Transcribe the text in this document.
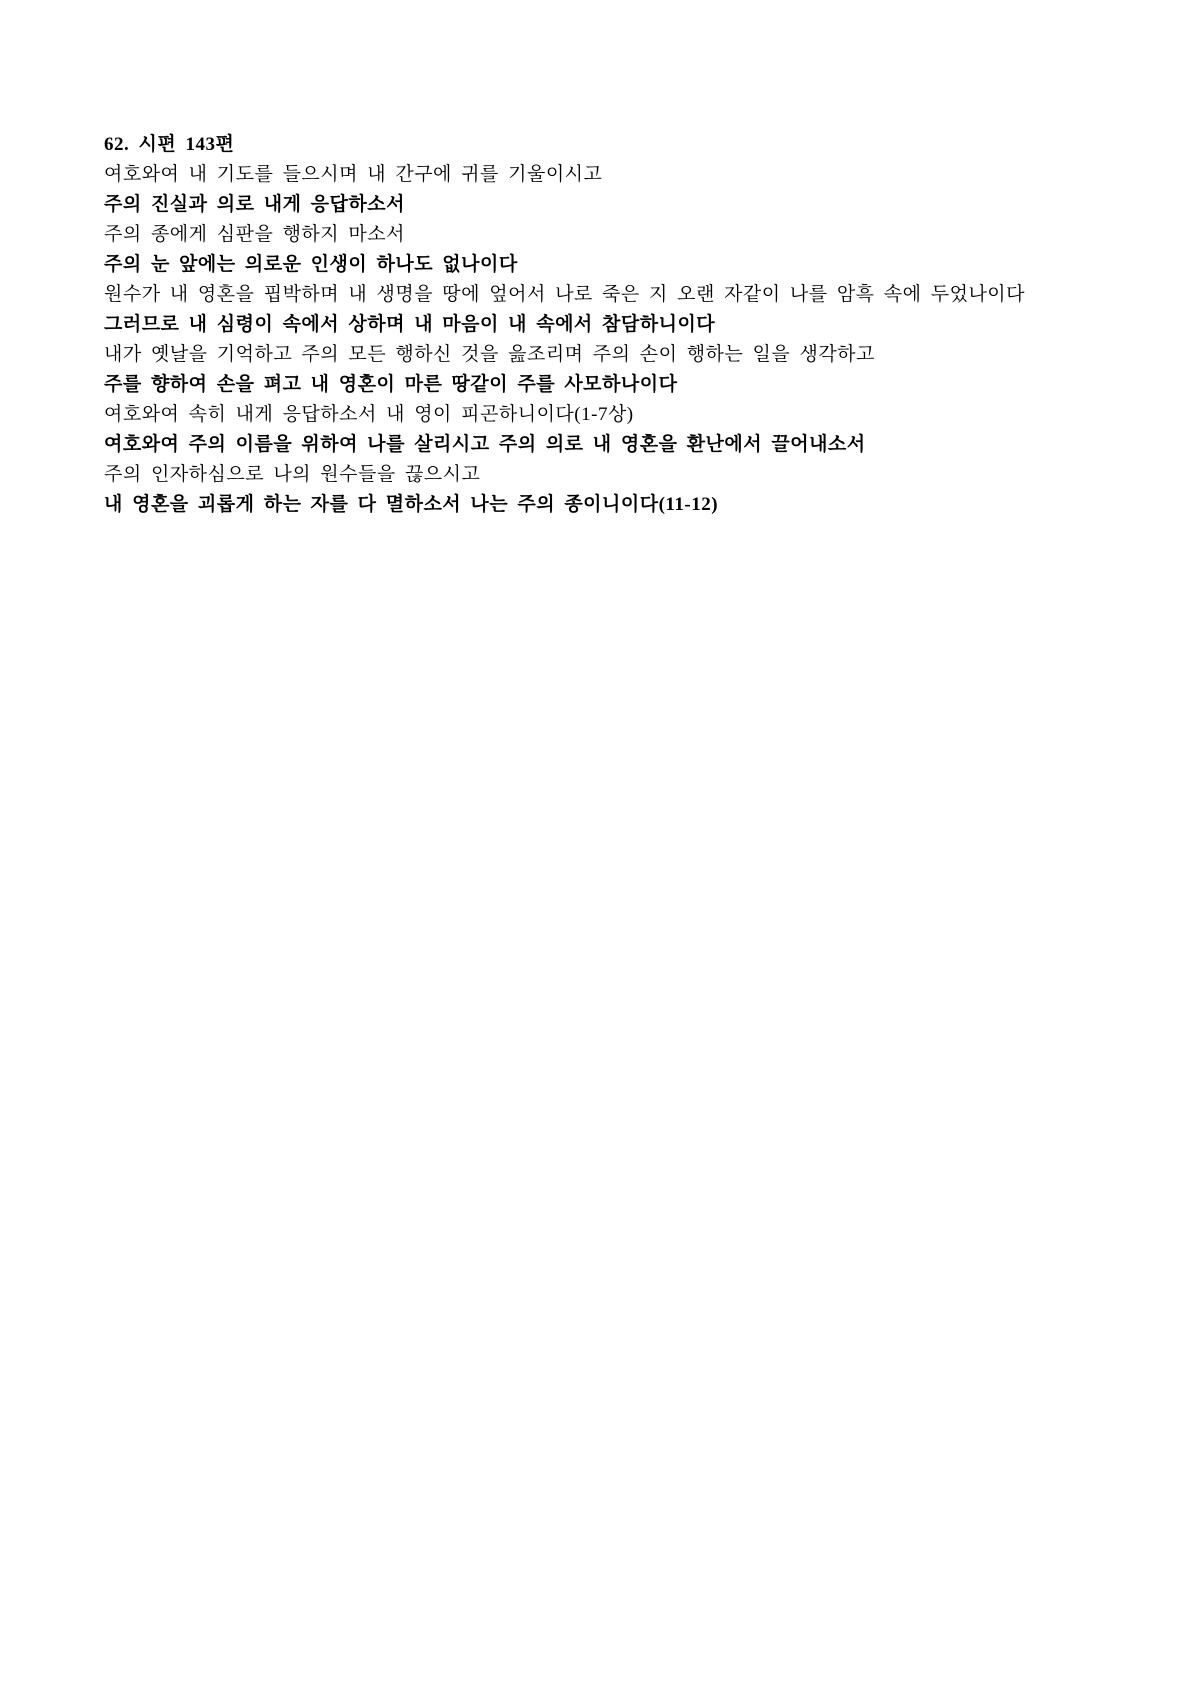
62. 시편 143편

여호와여 내 기도를 들으시며 내 간구에 귀를 기울이시고

주의 진실과 의로 내게 응답하소서

주의 종에게 심판을 행하지 마소서

주의 눈 앞에는 의로운 인생이 하나도 없나이다

원수가 내 영혼을 핍박하며 내 생명을 땅에 엎어서 나로 죽은 지 오랜 자같이 나를 암흑 속에 두었나이다

그러므로 내 심령이 속에서 상하며 내 마음이 내 속에서 참담하니이다

내가 옛날을 기억하고 주의 모든 행하신 것을 읊조리며 주의 손이 행하는 일을 생각하고

주를 향하여 손을 펴고 내 영혼이 마른 땅같이 주를 사모하나이다

여호와여 속히 내게 응답하소서 내 영이 피곤하니이다(1-7상)

여호와여 주의 이름을 위하여 나를 살리시고 주의 의로 내 영혼을 환난에서 끌어내소서

주의 인자하심으로 나의 원수들을 끊으시고

내 영혼을 괴롭게 하는 자를 다 멸하소서 나는 주의 종이니이다(11-12)
